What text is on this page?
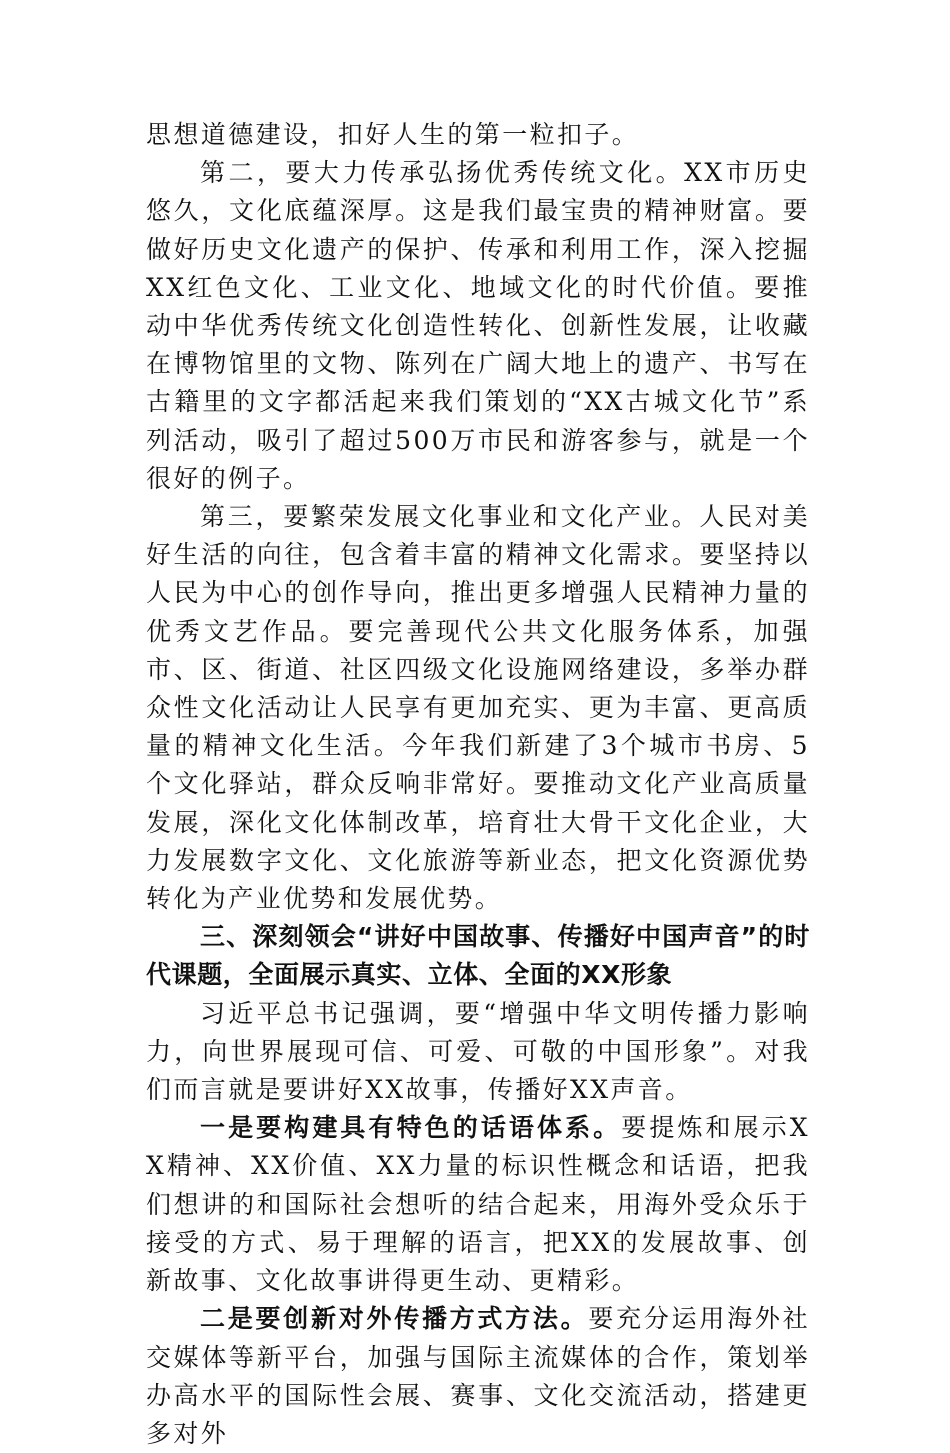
思想道德建设，扣好人生的第一粒扣子。

第二，要大力传承弘扬优秀传统文化。XX市历史悠久，文化底蕴深厚。这是我们最宝贵的精神财富。要做好历史文化遗产的保护、传承和利用工作，深入挖掘XX红色文化、工业文化、地域文化的时代价值。要推动中华优秀传统文化创造性转化、创新性发展，让收藏在博物馆里的文物、陈列在广阔大地上的遗产、书写在古籍里的文字都活起来我们策划的“XX古城文化节”系列活动，吸引了超过500万市民和游客参与，就是一个很好的例子。

第三，要繁荣发展文化事业和文化产业。人民对美好生活的向往，包含着丰富的精神文化需求。要坚持以人民为中心的创作导向，推出更多增强人民精神力量的优秀文艺作品。要完善现代公共文化服务体系，加强市、区、街道、社区四级文化设施网络建设，多举办群众性文化活动让人民享有更加充实、更为丰富、更高质量的精神文化生活。今年我们新建了3个城市书房、5个文化驿站，群众反响非常好。要推动文化产业高质量发展，深化文化体制改革，培育壮大骨干文化企业，大力发展数字文化、文化旅游等新业态，把文化资源优势转化为产业优势和发展优势。

三、深刻领会“讲好中国故事、传播好中国声音”的时代课题，全面展示真实、立体、全面的XX形象

习近平总书记强调，要“增强中华文明传播力影响力，向世界展现可信、可爱、可敬的中国形象”。对我们而言就是要讲好XX故事，传播好XX声音。

一是要构建具有特色的话语体系。要提炼和展示XX精神、XX价值、XX力量的标识性概念和话语，把我们想讲的和国际社会想听的结合起来，用海外受众乐于接受的方式、易于理解的语言，把XX的发展故事、创新故事、文化故事讲得更生动、更精彩。

二是要创新对外传播方式方法。要充分运用海外社交媒体等新平台，加强与国际主流媒体的合作，策划举办高水平的国际性会展、赛事、文化交流活动，搭建更多对外
